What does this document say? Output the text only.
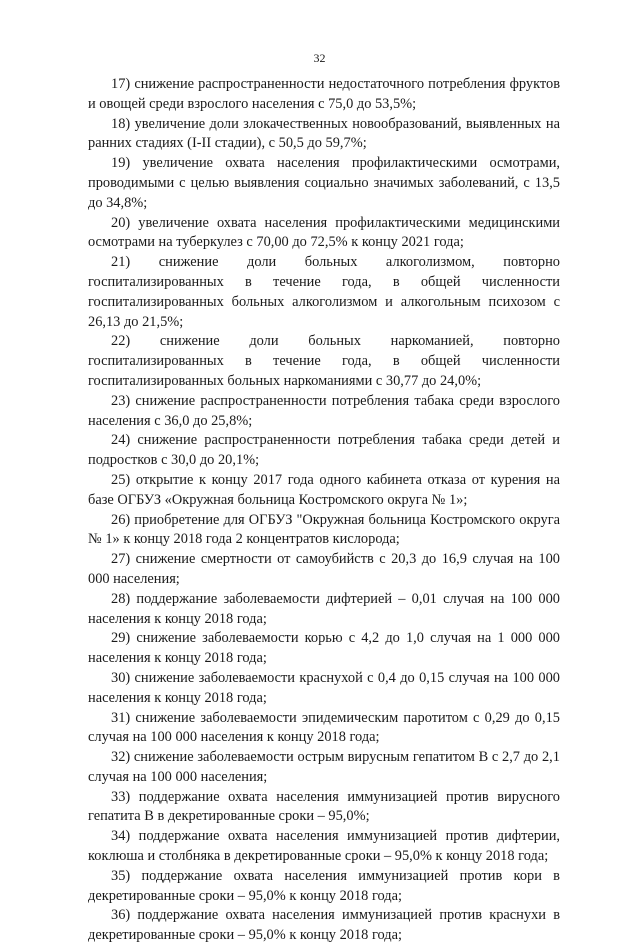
32

17) снижение распространенности недостаточного потребления фруктов и овощей среди взрослого населения с 75,0 до 53,5%;

18) увеличение доли злокачественных новообразований, выявленных на ранних стадиях (I-II стадии), с 50,5 до 59,7%;

19) увеличение охвата населения профилактическими осмотрами, проводимыми с целью выявления социально значимых заболеваний, с 13,5 до 34,8%;

20) увеличение охвата населения профилактическими медицинскими осмотрами на туберкулез с 70,00 до 72,5% к концу 2021 года;

21) снижение доли больных алкоголизмом, повторно госпитализированных в течение года, в общей численности госпитализированных больных алкоголизмом и алкогольным психозом с 26,13 до 21,5%;

22) снижение доли больных наркоманией, повторно госпитализированных в течение года, в общей численности госпитализированных больных наркоманиями с 30,77 до 24,0%;

23) снижение распространенности потребления табака среди взрослого населения с 36,0 до 25,8%;

24) снижение распространенности потребления табака среди детей и подростков с 30,0 до 20,1%;

25) открытие к концу 2017 года одного кабинета отказа от курения на базе ОГБУЗ «Окружная больница Костромского округа № 1»;

26) приобретение для ОГБУЗ "Окружная больница Костромского округа № 1» к концу 2018 года 2 концентратов кислорода;

27) снижение смертности от самоубийств с 20,3 до 16,9 случая на 100 000 населения;

28) поддержание заболеваемости дифтерией – 0,01 случая на 100 000 населения к концу 2018 года;

29) снижение заболеваемости корью с 4,2 до 1,0 случая на 1 000 000 населения к концу 2018 года;

30) снижение заболеваемости краснухой с 0,4 до 0,15 случая на 100 000 населения к концу 2018 года;

31) снижение заболеваемости эпидемическим паротитом с 0,29 до 0,15 случая на 100 000 населения к концу 2018 года;

32) снижение заболеваемости острым вирусным гепатитом В с 2,7 до 2,1 случая на 100 000 населения;

33) поддержание охвата населения иммунизацией против вирусного гепатита В в декретированные сроки – 95,0%;

34) поддержание охвата населения иммунизацией против дифтерии, коклюша и столбняка в декретированные сроки – 95,0% к концу 2018 года;

35) поддержание охвата населения иммунизацией против кори в декретированные сроки – 95,0% к концу 2018 года;

36) поддержание охвата населения иммунизацией против краснухи в декретированные сроки – 95,0% к концу 2018 года;
